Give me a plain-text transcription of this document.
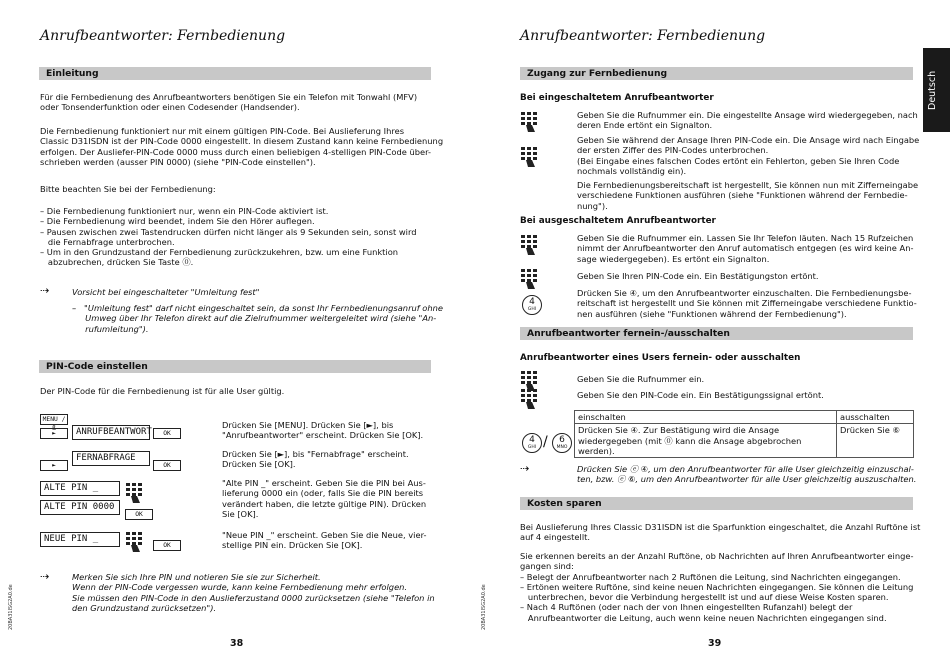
Anrufbeantworter: Fernbedienung
Einleitung
Für die Fernbedienung des Anrufbeantworters benötigen Sie ein Telefon mit Tonwahl (MFV)
oder Tonsenderfunktion oder einen Codesender (Handsender).
Die Fernbedienung funktioniert nur mit einem gültigen PIN-Code. Bei Auslieferung Ihres
Classic D31ISDN ist der PIN-Code 0000 eingestellt. In diesem Zustand kann keine Fernbedienung
erfolgen. Der Auslief​er-PIN-Code 0000 muss durch einen beliebigen 4-stelligen PIN-Code über-
schrieben werden (ausser PIN 0000) (siehe "PIN-Code einstellen").
Bitte beachten Sie bei der Fernbedienung:
– Die Fernbedienung funktioniert nur, wenn ein PIN-Code aktiviert ist.
– Die Fernbedienung wird beendet, indem Sie den Hörer auflegen.
– Pausen zwischen zwei Tastendrucken dürfen nicht länger als 9 Sekunden sein, sonst wird
die Fernabfrage unterbrochen.
– Um in den Grundzustand der Fernbedienung zurückzukehren, bzw. um eine Funktion
abzubrechen, drücken Sie Taste ⓪.
⇢	Vorsicht bei eingeschalteter "Umleitung fest"
–   "Umleitung fest" darf nicht eingeschaltet sein, da sonst Ihr Fernbedienungsanruf ohne
Umweg über Ihr Telefon direkt auf die Zielrufnummer weitergeleitet wird (siehe "An-
rufumleitung").
PIN-Code einstellen
Der PIN-Code für die Fernbedienung ist für alle User gültig.
MENU / ß
►	ANRUFBEANTWORT	OK
►
FERNABFRAGE
OK
ALTE PIN _
ALTE PIN 0000
OK
NEUE PIN _
OK
Drücken Sie [MENU]. Drücken Sie [►], bis
"Anrufbeantworter" erscheint. Drücken Sie [OK].
Drücken Sie [►], bis "Fernabfrage" erscheint.
Drücken Sie [OK].
"Alte PIN _" erscheint. Geben Sie die PIN bei Aus-
lieferung 0000 ein (oder, falls Sie die PIN bereits
verändert haben, die letzte gültige PIN). Drücken
Sie [OK].
"Neue PIN _" erscheint. Geben Sie die Neue, vier-
stellige PIN ein. Drücken Sie [OK].
⇢	Merken Sie sich Ihre PIN und notieren Sie sie zur Sicherheit.
Wenn der PIN-Code vergessen wurde, kann keine Fernbedienung mehr erfolgen.
Sie müssen den PIN-Code in den Auslieferzustand 0000 zurücksetzen (siehe "Telefon in
den Grundzustand zurücksetzen").
38
20BA31ISG2A0.de
Deutsch
Anrufbeantworter: Fernbedienung
Zugang zur Fernbedienung
Bei eingeschaltetem Anrufbeantworter
Geben Sie die Rufnummer ein. Die eingestellte Ansage wird wiedergegeben, nach
deren Ende ertönt ein Signalton.
Geben Sie während der Ansage Ihren PIN-Code ein. Die Ansage wird nach Eingabe
der ersten Ziffer des PIN-Codes unterbrochen.
(Bei Eingabe eines falschen Codes ertönt ein Fehlerton, geben Sie Ihren Code
nochmals vollständig ein).
Die Fernbedienungsbereitschaft ist hergestellt, Sie können nun mit Zifferneingabe
verschiedene Funktionen ausführen (siehe "Funktionen während der Fernbedie-
nung").
Bei ausgeschaltetem Anrufbeantworter
Geben Sie die Rufnummer ein. Lassen Sie Ihr Telefon läuten. Nach 15 Rufzeichen
nimmt der Anrufbeantworter den Anruf automatisch entgegen (es wird keine An-
sage wiedergegeben). Es ertönt ein Signalton.
Geben Sie Ihren PIN-Code ein. Ein Bestätigungston ertönt.
4
GHI
Drücken Sie ④, um den Anrufbeantworter einzuschalten. Die Fernbedienungsbe-
reitschaft ist hergestellt und Sie können mit Zifferneingabe verschiedene Funktio-
nen ausführen (siehe "Funktionen während der Fernbedienung").
Anrufbeantworter fernein-/ausschalten
Anrufbeantworter eines Users fernein- oder ausschalten
Geben Sie die Rufnummer ein.
Geben Sie den PIN-Code ein. Ein Bestätigungssignal ertönt.
4
GHI /	6
MNO
einschalten	ausschalten
Drücken Sie ④. Zur Bestätigung wird die Ansage
wiedergegeben (mit ⓪ kann die Ansage abgebrochen werden).	Drücken Sie ⑥
⇢	Drücken Sie ⓔ ④, um den Anrufbeantworter für alle User gleichzeitig einzuschal-
ten, bzw. ⓔ ⑥, um den Anrufbeantworter für alle User gleichzeitig auszuschalten.
Kosten sparen
Bei Auslieferung Ihres Classic D31ISDN ist die Sparfunktion eingeschaltet, die Anzahl Ruftöne ist
auf 4 eingestellt.
Sie erkennen bereits an der Anzahl Ruftöne, ob Nachrichten auf Ihren Anrufbeantworter einge-
gangen sind:
– Belegt der Anrufbeantworter nach 2 Ruftönen die Leitung, sind Nachrichten eingegangen.
– Ertönen weitere Ruftöne, sind keine neuen Nachrichten eingegangen. Sie können die Leitung
unterbrechen, bevor die Verbindung hergestellt ist und auf diese Weise Kosten sparen.
– Nach 4 Ruftönen (oder nach der von Ihnen eingestellten Rufanzahl) belegt der
Anrufbeantworter die Leitung, auch wenn keine neuen Nachrichten eingegangen sind.
39
20BA31ISG2A0.de
